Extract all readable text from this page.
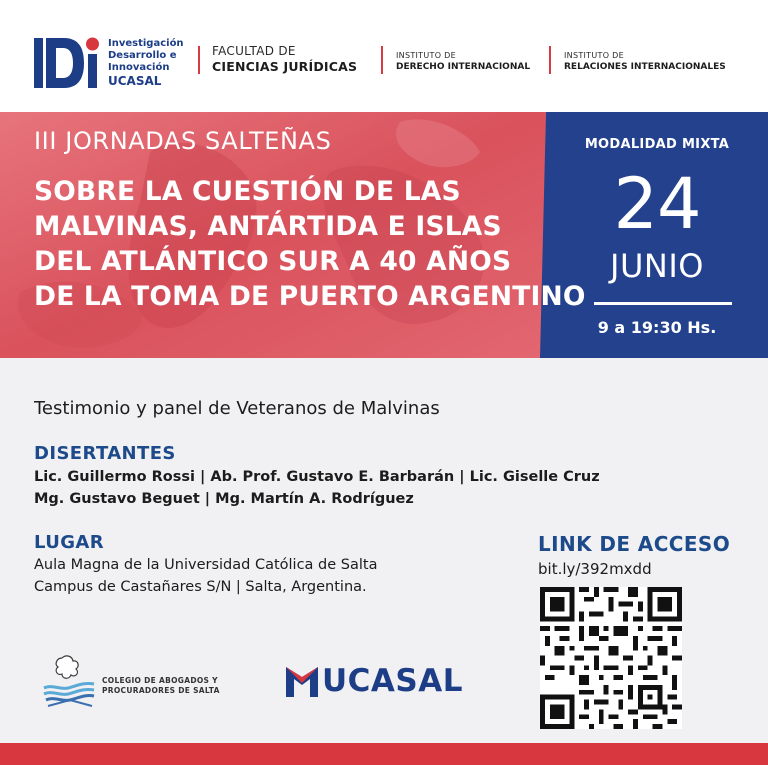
Investigación
Desarrollo e
Innovación
UCASAL
FACULTAD DE
CIENCIAS JURÍDICAS
INSTITUTO DE
DERECHO INTERNACIONAL
INSTITUTO DE
RELACIONES INTERNACIONALES
III JORNADAS SALTEÑAS
SOBRE LA CUESTIÓN DE LAS
MALVINAS, ANTÁRTIDA E ISLAS
DEL ATLÁNTICO SUR A 40 AÑOS
DE LA TOMA DE PUERTO ARGENTINO
MODALIDAD MIXTA
24
JUNIO
9 a 19:30 Hs.
Testimonio y panel de Veteranos de Malvinas
DISERTANTES
Lic. Guillermo Rossi | Ab. Prof. Gustavo E. Barbarán | Lic. Giselle Cruz
Mg. Gustavo Beguet | Mg. Martín A. Rodríguez
LUGAR
Aula Magna de la Universidad Católica de Salta
Campus de Castañares S/N | Salta, Argentina.
LINK DE ACCESO
bit.ly/392mxdd
COLEGIO DE ABOGADOS Y
PROCURADORES DE SALTA	UCASAL
